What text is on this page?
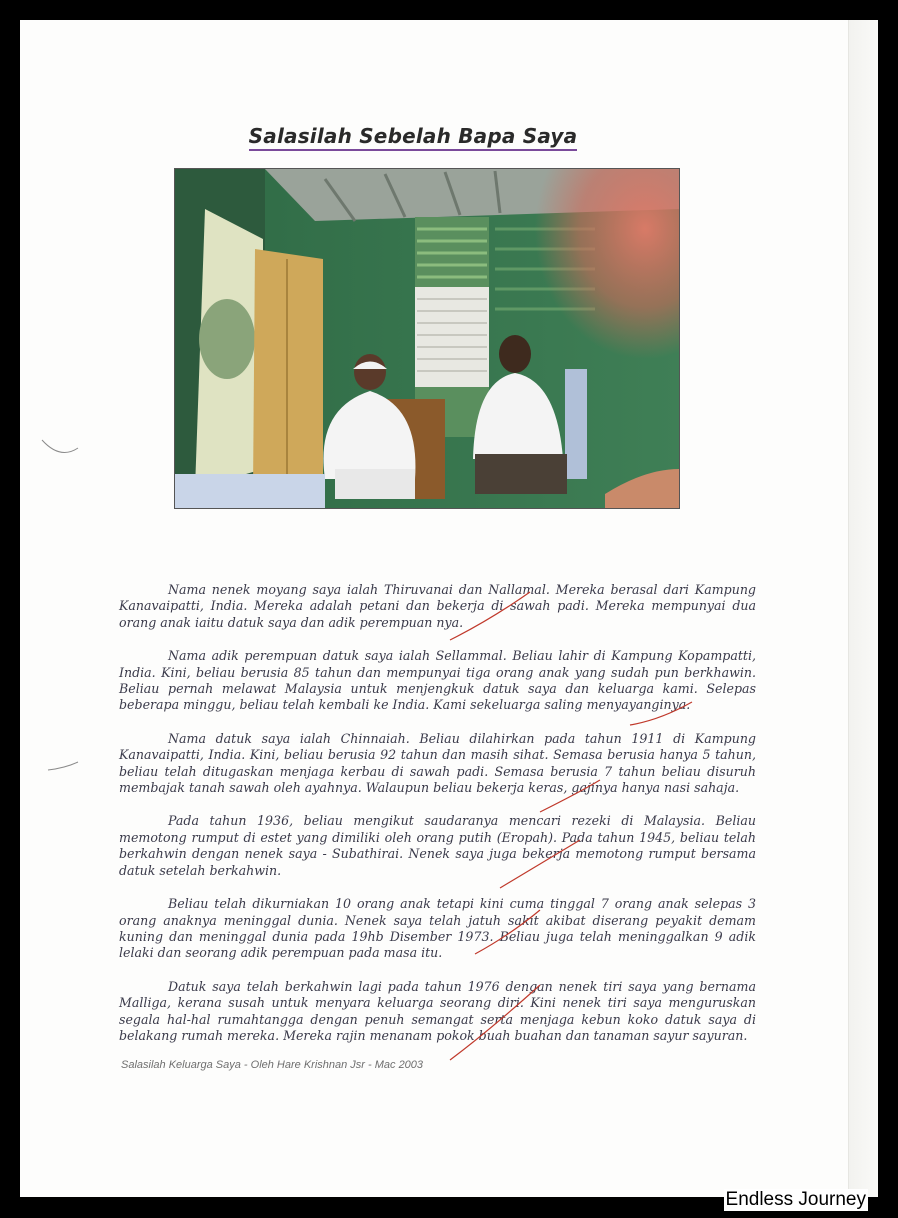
Salasilah Sebelah Bapa Saya

Nama nenek moyang saya ialah Thiruvanai dan Nallamal. Mereka berasal dari Kampung Kanavaipatti, India. Mereka adalah petani dan bekerja di sawah padi. Mereka mempunyai dua orang anak iaitu datuk saya dan adik perempuan nya.

Nama adik perempuan datuk saya ialah Sellammal. Beliau lahir di Kampung Kopampatti, India. Kini, beliau berusia 85 tahun dan mempunyai tiga orang anak yang sudah pun berkhawin. Beliau pernah melawat Malaysia untuk menjengkuk datuk saya dan keluarga kami. Selepas beberapa minggu, beliau telah kembali ke India. Kami sekeluarga saling menyayanginya.

Nama datuk saya ialah Chinnaiah. Beliau dilahirkan pada tahun 1911 di Kampung Kanavaipatti, India. Kini, beliau berusia 92 tahun dan masih sihat. Semasa berusia hanya 5 tahun, beliau telah ditugaskan menjaga kerbau di sawah padi. Semasa berusia 7 tahun beliau disuruh membajak tanah sawah oleh ayahnya. Walaupun beliau bekerja keras, gajinya hanya nasi sahaja.

Pada tahun 1936, beliau mengikut saudaranya mencari rezeki di Malaysia. Beliau memotong rumput di estet yang dimiliki oleh orang putih (Eropah). Pada tahun 1945, beliau telah berkahwin dengan nenek saya - Subathirai. Nenek saya juga bekerja memotong rumput bersama datuk setelah berkahwin.

Beliau telah dikurniakan 10 orang anak tetapi kini cuma tinggal 7 orang anak selepas 3 orang anaknya meninggal dunia. Nenek saya telah jatuh sakit akibat diserang peyakit demam kuning dan meninggal dunia pada 19hb Disember 1973. Beliau juga telah meninggalkan 9 adik lelaki dan seorang adik perempuan pada masa itu.

Datuk saya telah berkahwin lagi pada tahun 1976 dengan nenek tiri saya yang bernama Malliga, kerana susah untuk menyara keluarga seorang diri. Kini nenek tiri saya menguruskan segala hal-hal rumahtangga dengan penuh semangat serta menjaga kebun koko datuk saya di belakang rumah mereka. Mereka rajin menanam pokok buah buahan dan tanaman sayur sayuran.

Salasilah Keluarga Saya - Oleh Hare Krishnan Jsr - Mac 2003
Endless Journey
